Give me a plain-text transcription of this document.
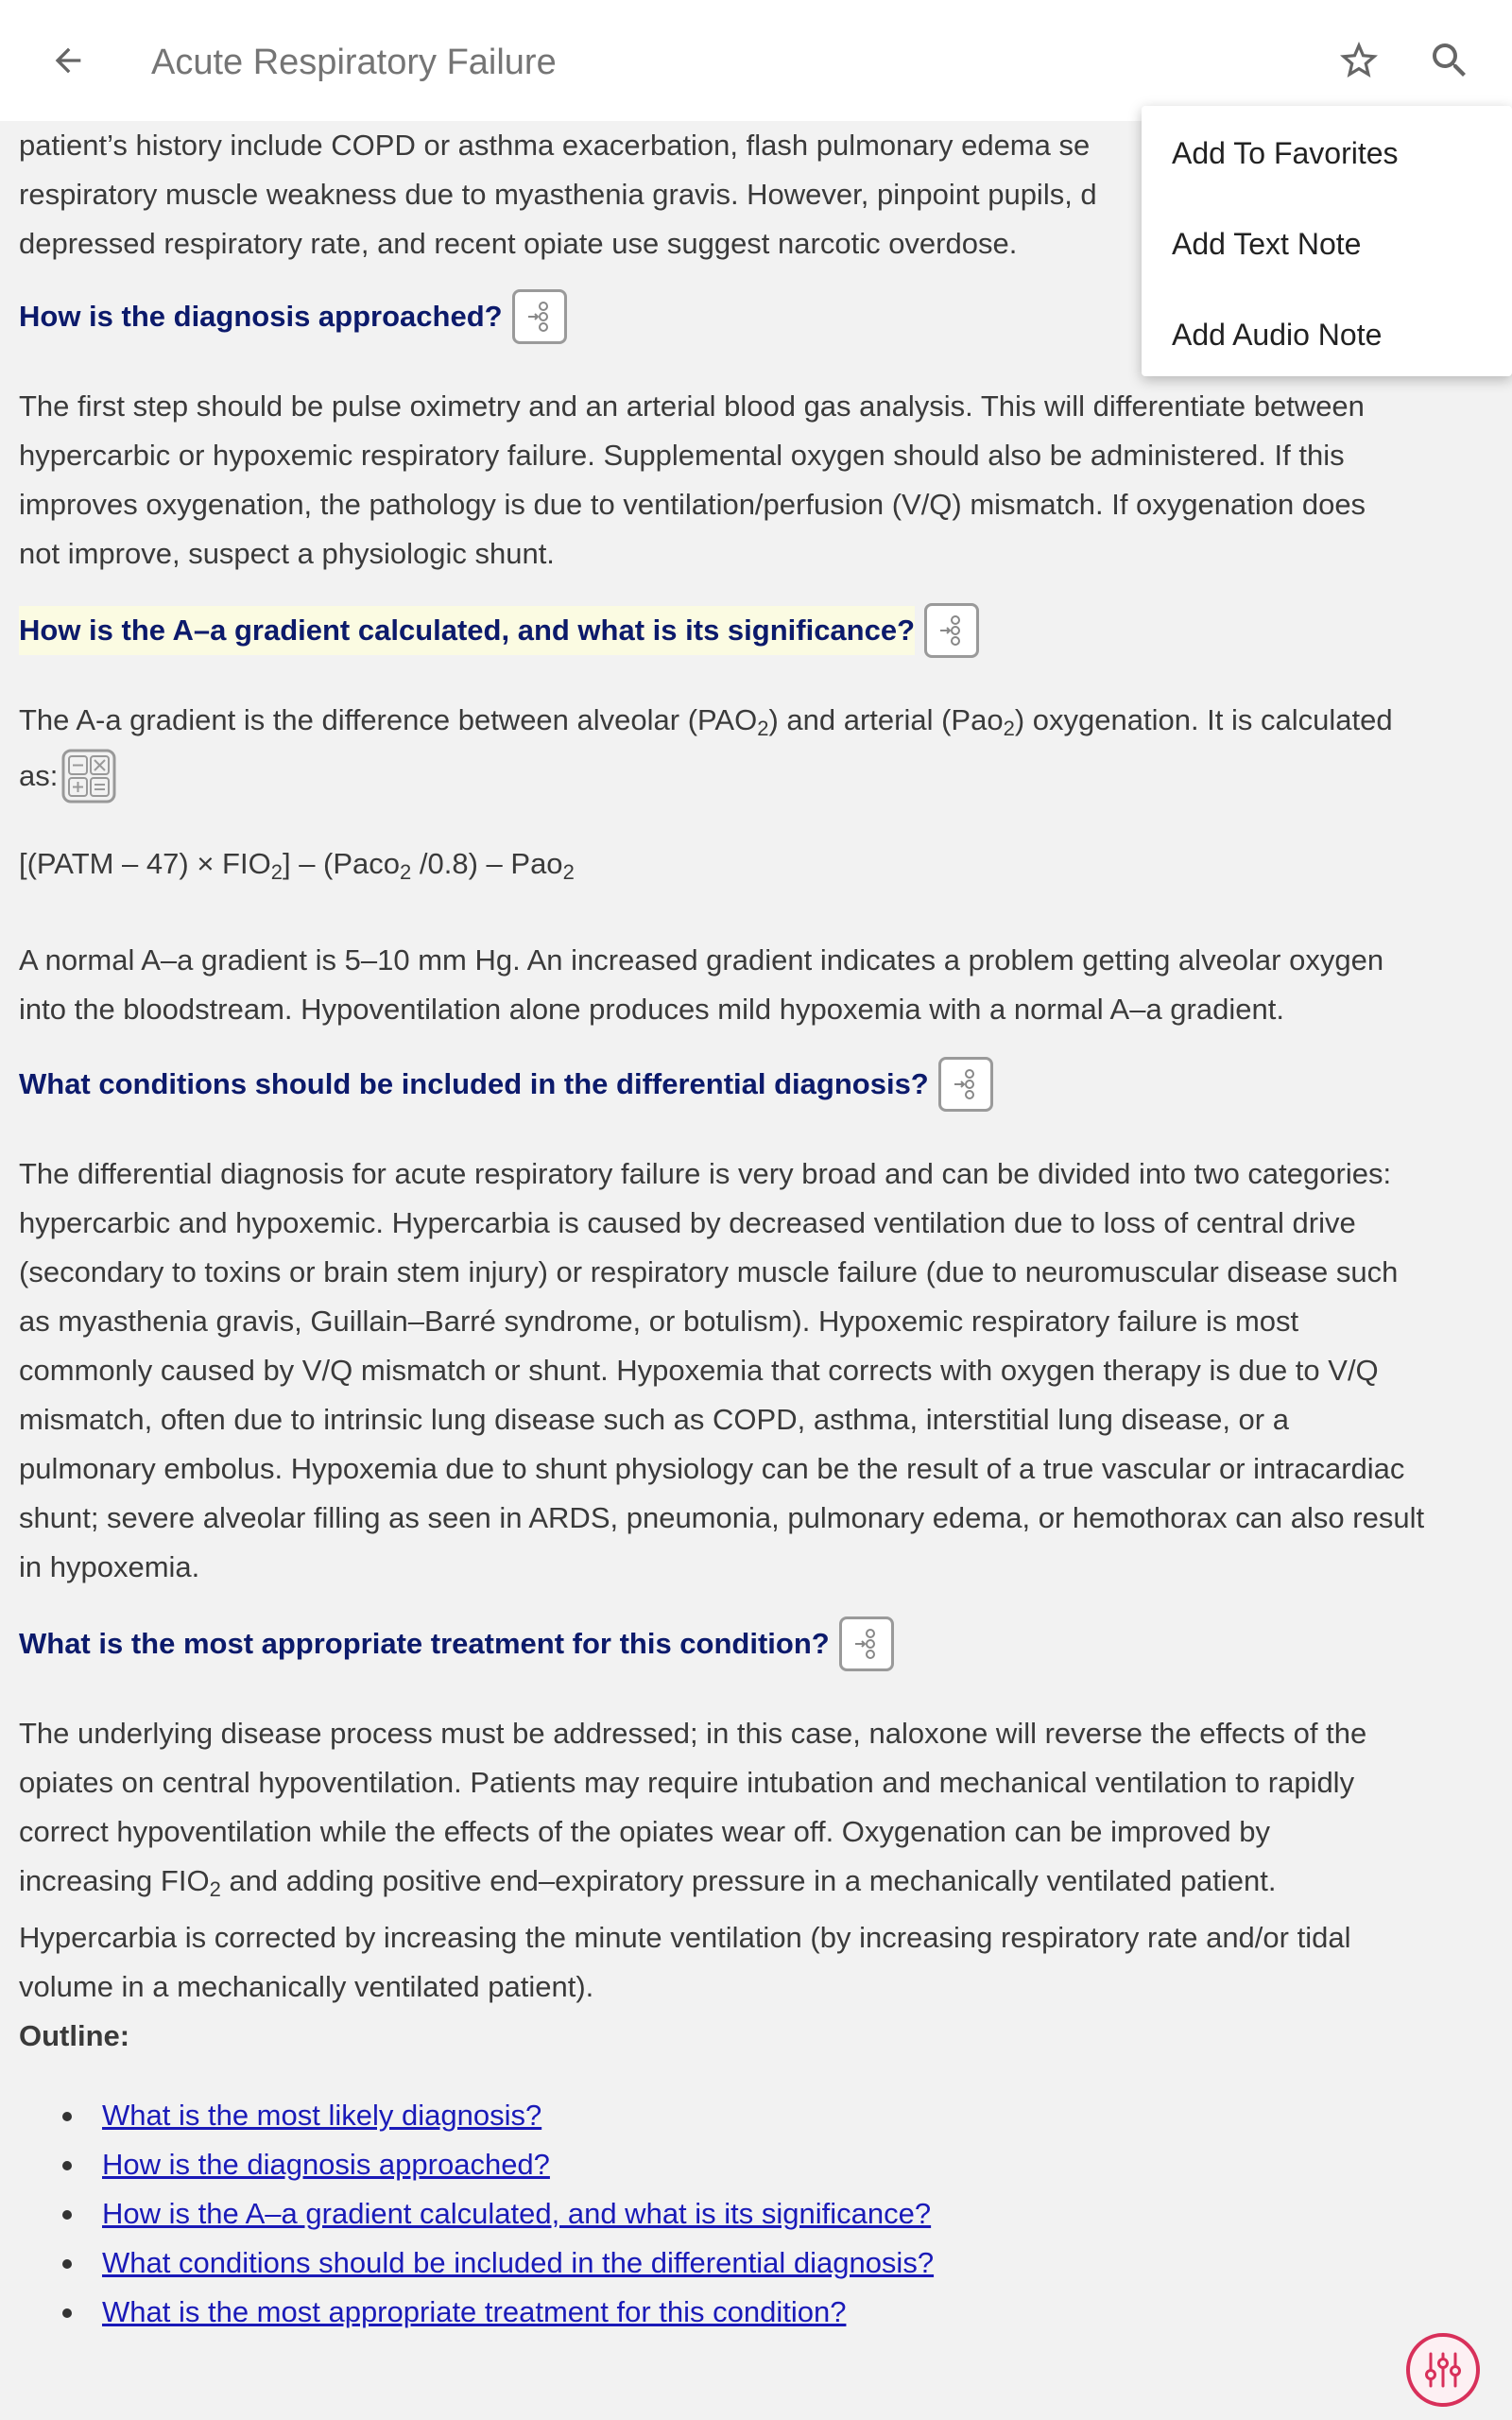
Acute Respiratory Failure
patient’s history include COPD or asthma exacerbation, flash pulmonary edema se
respiratory muscle weakness due to myasthenia gravis. However, pinpoint pupils, d
depressed respiratory rate, and recent opiate use suggest narcotic overdose.
How is the diagnosis approached?
The first step should be pulse oximetry and an arterial blood gas analysis. This will differentiate between
hypercarbic or hypoxemic respiratory failure. Supplemental oxygen should also be administered. If this
improves oxygenation, the pathology is due to ventilation/perfusion (V/Q) mismatch. If oxygenation does
not improve, suspect a physiologic shunt.
How is the A–a gradient calculated, and what is its significance?
The A-a gradient is the difference between alveolar $(PAO_2)$ and arterial (Pao$_2$) oxygenation. It is calculated
as:
[(PATM – $47) \times FIO_2$] – (Paco$_2$ /0.8) – Pao$_2$
A normal A–a gradient is 5–10 mm Hg. An increased gradient indicates a problem getting alveolar oxygen
into the bloodstream. Hypoventilation alone produces mild hypoxemia with a normal A–a gradient.
What conditions should be included in the differential diagnosis?
The differential diagnosis for acute respiratory failure is very broad and can be divided into two categories:
hypercarbic and hypoxemic. Hypercarbia is caused by decreased ventilation due to loss of central drive
(secondary to toxins or brain stem injury) or respiratory muscle failure (due to neuromuscular disease such
as myasthenia gravis, Guillain–Barré syndrome, or botulism). Hypoxemic respiratory failure is most
commonly caused by V/Q mismatch or shunt. Hypoxemia that corrects with oxygen therapy is due to V/Q
mismatch, often due to intrinsic lung disease such as COPD, asthma, interstitial lung disease, or a
pulmonary embolus. Hypoxemia due to shunt physiology can be the result of a true vascular or intracardiac
shunt; severe alveolar filling as seen in ARDS, pneumonia, pulmonary edema, or hemothorax can also result
in hypoxemia.
What is the most appropriate treatment for this condition?
The underlying disease process must be addressed; in this case, naloxone will reverse the effects of the
opiates on central hypoventilation. Patients may require intubation and mechanical ventilation to rapidly
correct hypoventilation while the effects of the opiates wear off. Oxygenation can be improved by
increasing $FIO_2$ and adding positive end–expiratory pressure in a mechanically ventilated patient.
Hypercarbia is corrected by increasing the minute ventilation (by increasing respiratory rate and/or tidal
volume in a mechanically ventilated patient).
Outline:
What is the most likely diagnosis?
How is the diagnosis approached?
How is the A–a gradient calculated, and what is its significance?
What conditions should be included in the differential diagnosis?
What is the most appropriate treatment for this condition?
Add To Favorites
Add Text Note
Add Audio Note
